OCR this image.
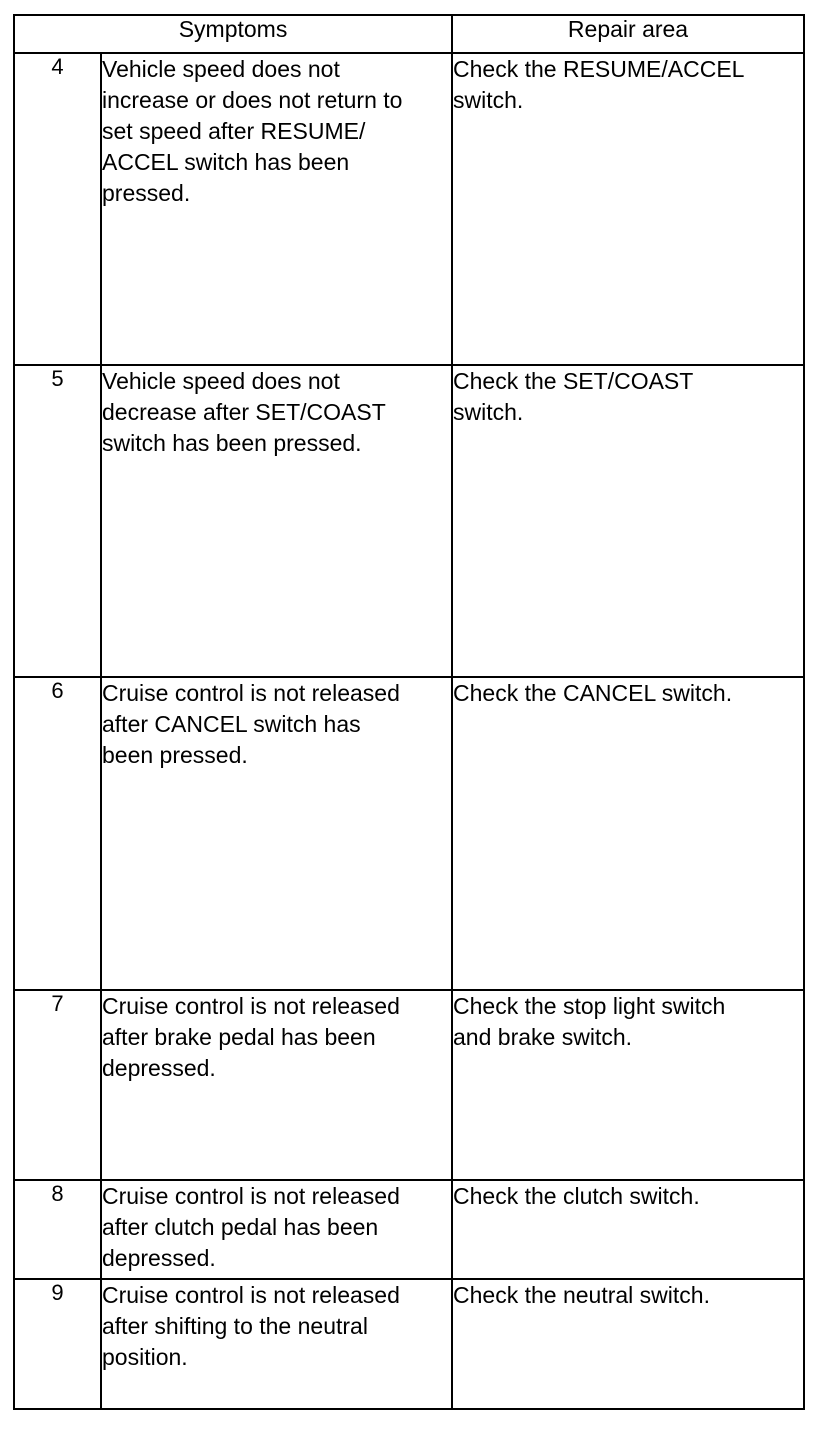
Symptoms		Repair area
4	Vehicle speed does not
increase or does not return to
set speed after RESUME/
ACCEL switch has been
pressed.	Check the RESUME/ACCEL
switch.
5	Vehicle speed does not
decrease after SET/COAST
switch has been pressed.	Check the SET/COAST
switch.
6	Cruise control is not released
after CANCEL switch has
been pressed.	Check the CANCEL switch.
7	Cruise control is not released
after brake pedal has been
depressed.	Check the stop light switch
and brake switch.
8	Cruise control is not released
after clutch pedal has been
depressed.	Check the clutch switch.
9	Cruise control is not released
after shifting to the neutral
position.	Check the neutral switch.
